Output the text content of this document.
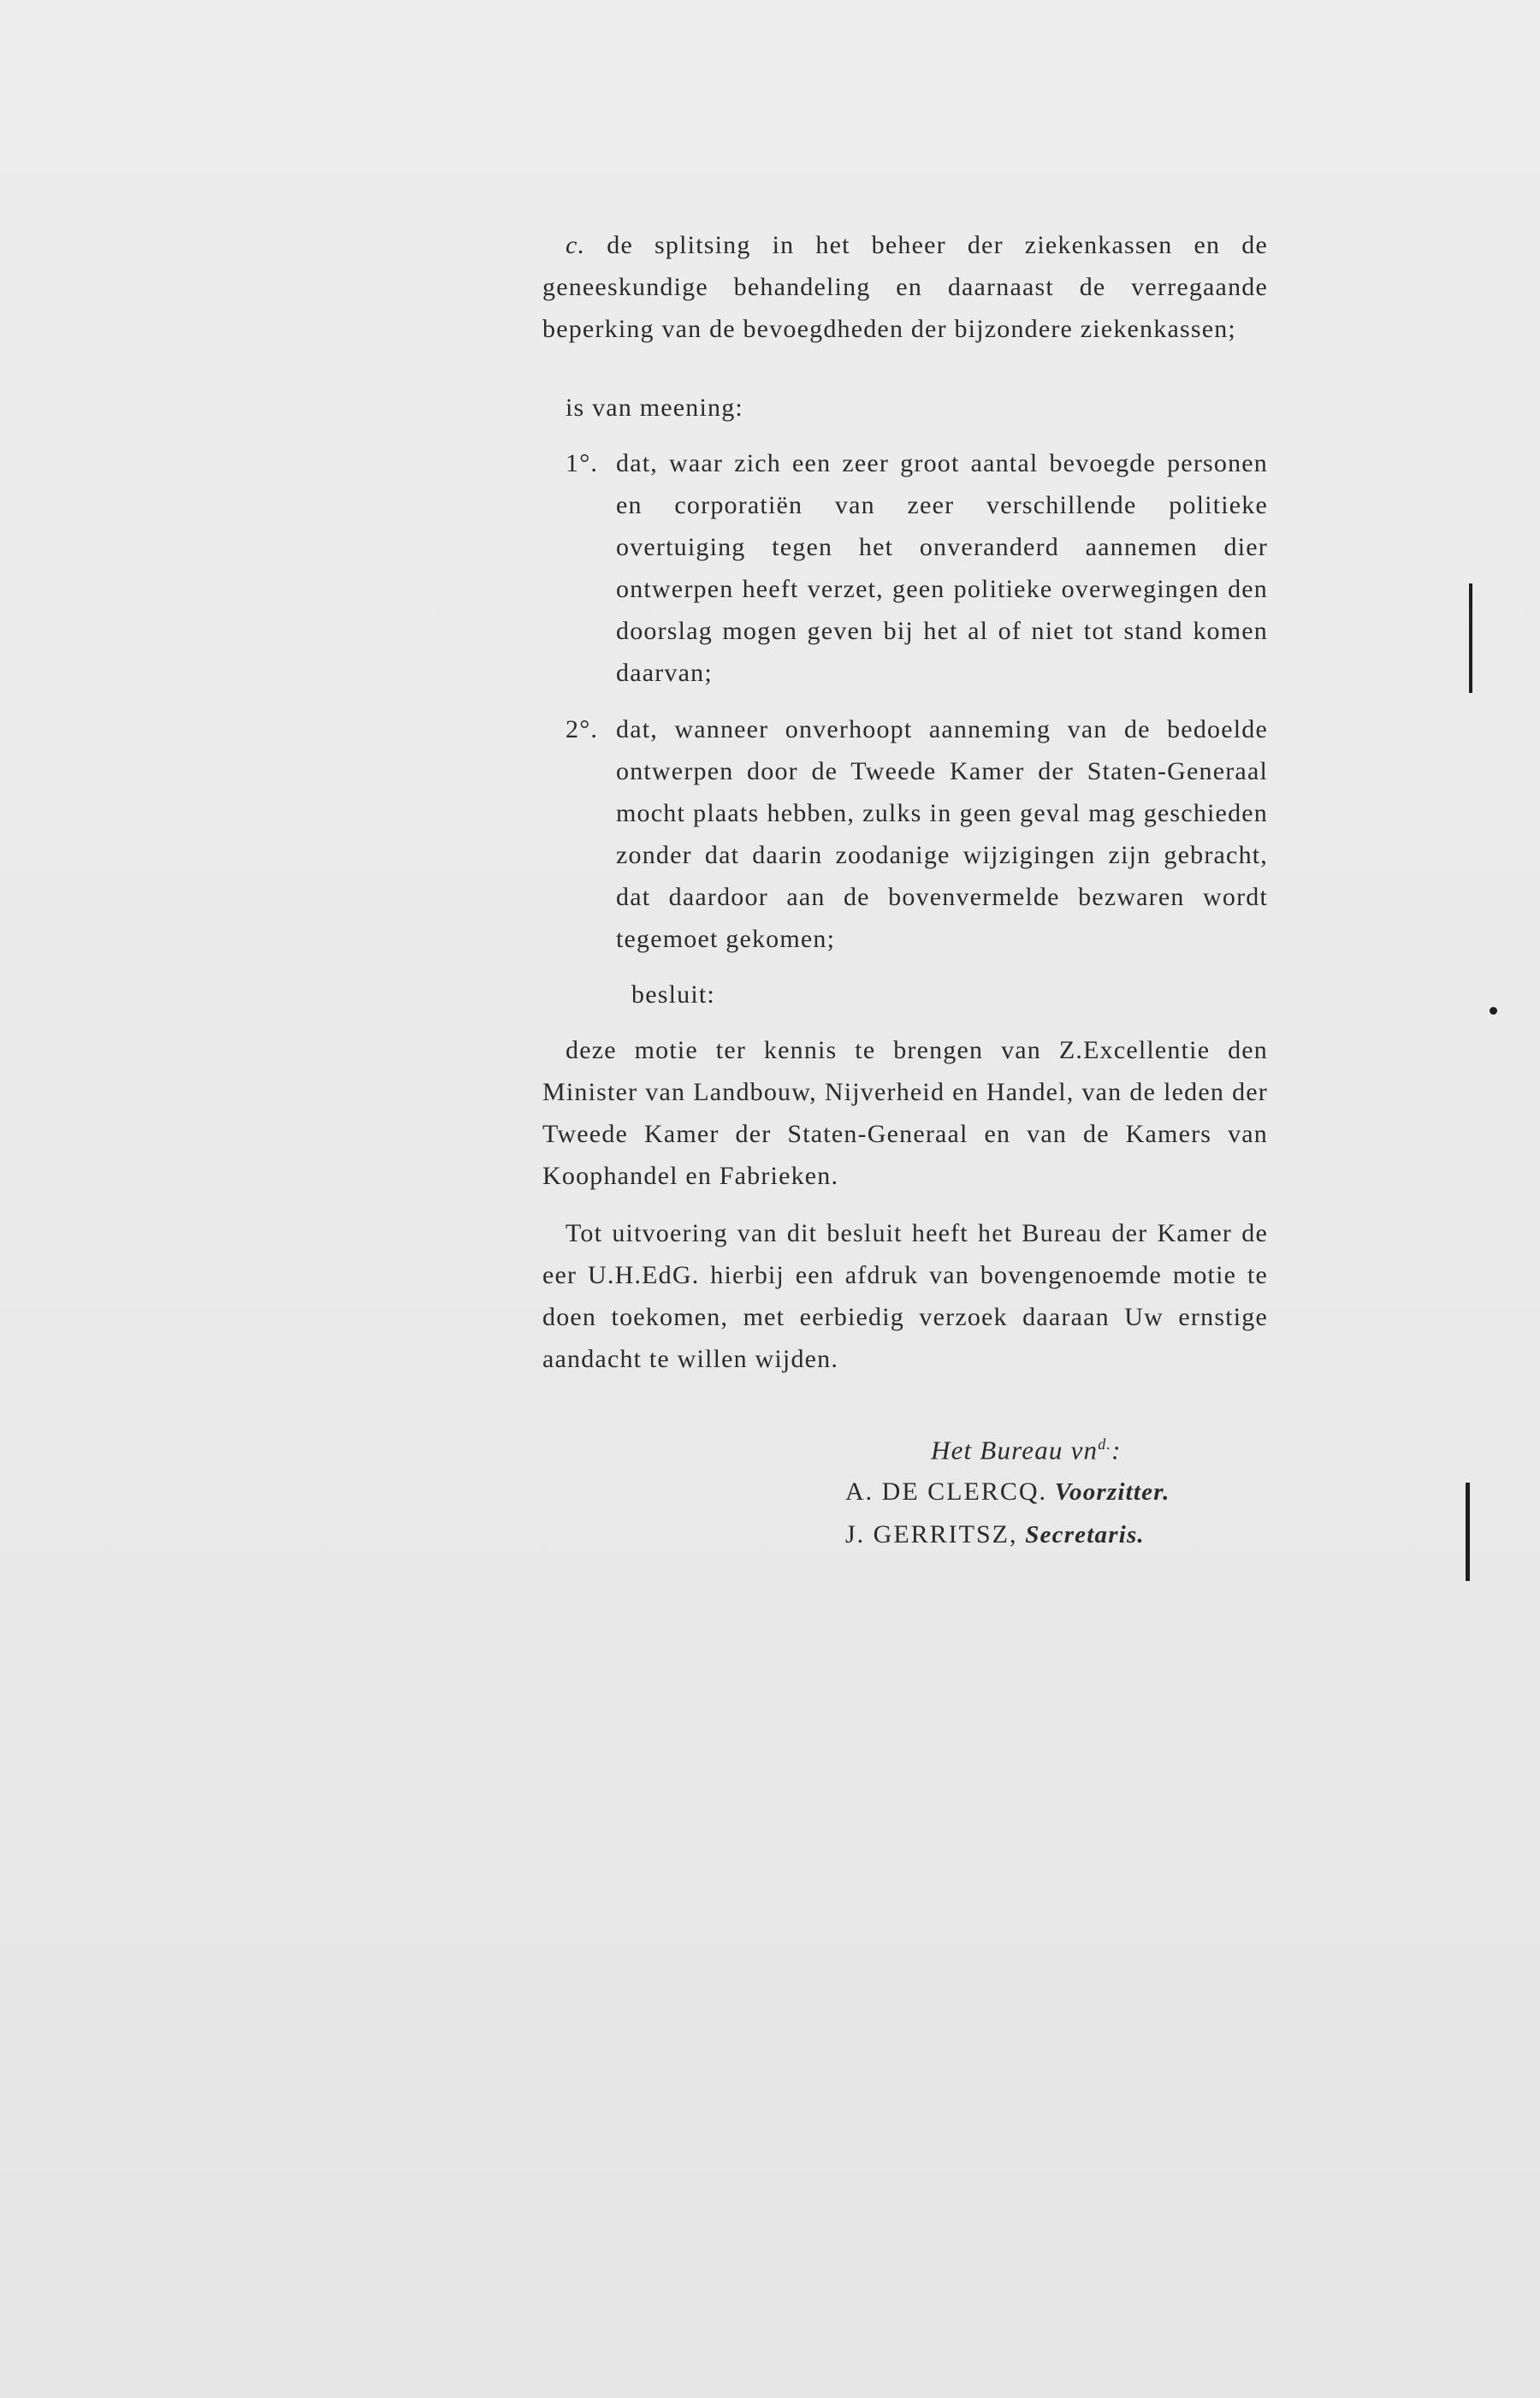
c. de splitsing in het beheer der ziekenkassen en de geneeskundige behandeling en daarnaast de verregaande beperking van de bevoegdheden der bijzondere ziekenkassen;

is van meening:

1°. dat, waar zich een zeer groot aantal bevoegde personen en corporatiën van zeer verschillende politieke overtuiging tegen het onveranderd aannemen dier ontwerpen heeft verzet, geen politieke overwegingen den doorslag mogen geven bij het al of niet tot stand komen daarvan;
2°. dat, wanneer onverhoopt aanneming van de bedoelde ontwerpen door de Tweede Kamer der Staten-Generaal mocht plaats hebben, zulks in geen geval mag geschieden zonder dat daarin zoodanige wijzigingen zijn gebracht, dat daardoor aan de bovenvermelde bezwaren wordt tegemoet gekomen;

besluit:

deze motie ter kennis te brengen van Z.Excellentie den Minister van Landbouw, Nijverheid en Handel, van de leden der Tweede Kamer der Staten-Generaal en van de Kamers van Koophandel en Fabrieken.

Tot uitvoering van dit besluit heeft het Bureau der Kamer de eer U.H.EdG. hierbij een afdruk van bovengenoemde motie te doen toekomen, met eerbiedig verzoek daaraan Uw ernstige aandacht te willen wijden.

Het Bureau $vn^{d.}$:
A. DE CLERCQ. Voorzitter.
J. GERRITSZ, Secretaris.
